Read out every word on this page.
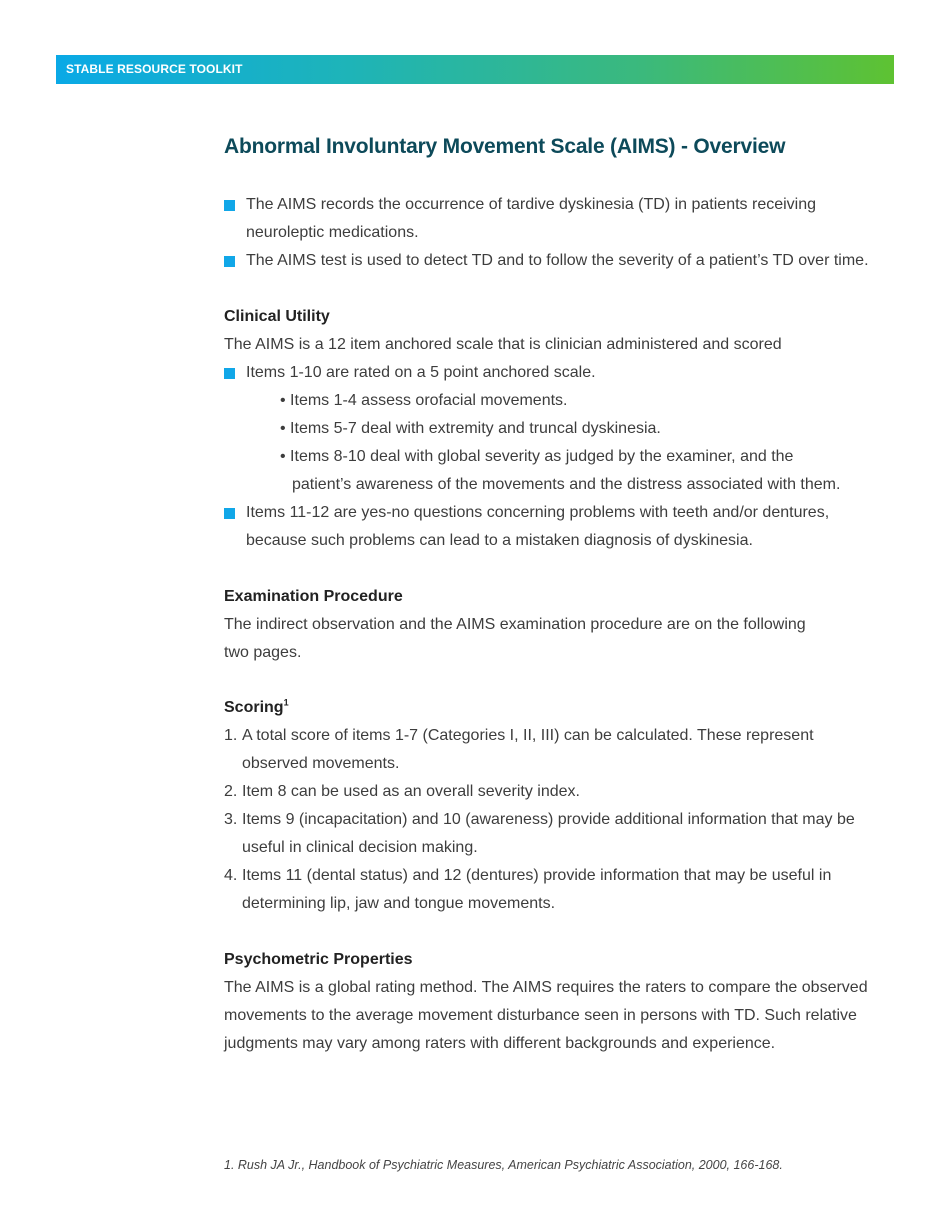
STABLE RESOURCE TOOLKIT
Abnormal Involuntary Movement Scale (AIMS) - Overview
The AIMS records the occurrence of tardive dyskinesia (TD) in patients receiving
neuroleptic medications.
The AIMS test is used to detect TD and to follow the severity of a patient’s TD over time.
Clinical Utility
The AIMS is a 12 item anchored scale that is clinician administered and scored
Items 1-10 are rated on a 5 point anchored scale.
• Items 1-4 assess orofacial movements.
• Items 5-7 deal with extremity and truncal dyskinesia.
• Items 8-10 deal with global severity as judged by the examiner, and the
patient’s awareness of the movements and the distress associated with them.
Items 11-12 are yes-no questions concerning problems with teeth and/or dentures,
because such problems can lead to a mistaken diagnosis of dyskinesia.
Examination Procedure
The indirect observation and the AIMS examination procedure are on the following
two pages.
Scoring$^1$
1. A total score of items 1-7 (Categories I, II, III) can be calculated. These represent
observed movements.
2. Item 8 can be used as an overall severity index.
3. Items 9 (incapacitation) and 10 (awareness) provide additional information that may be
useful in clinical decision making.
4. Items 11 (dental status) and 12 (dentures) provide information that may be useful in
determining lip, jaw and tongue movements.
Psychometric Properties
The AIMS is a global rating method. The AIMS requires the raters to compare the observed
movements to the average movement disturbance seen in persons with TD. Such relative
judgments may vary among raters with different backgrounds and experience.
1. Rush JA Jr., Handbook of Psychiatric Measures, American Psychiatric Association, 2000, 166-168.
